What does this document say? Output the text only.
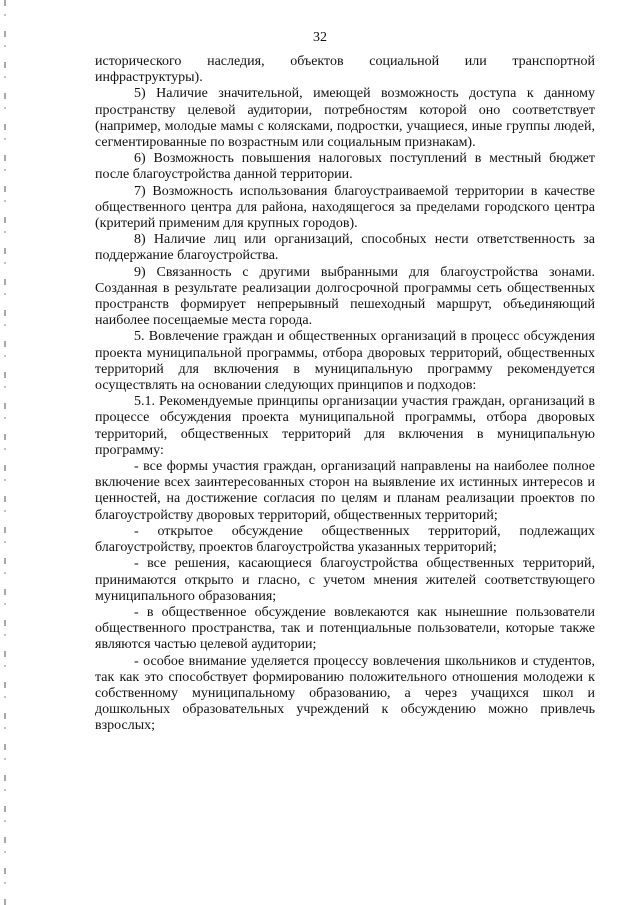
32

исторического наследия, объектов социальной или транспортной инфраструктуры).

5) Наличие значительной, имеющей возможность доступа к данному пространству целевой аудитории, потребностям которой оно соответствует (например, молодые мамы с колясками, подростки, учащиеся, иные группы людей, сегментированные по возрастным или социальным признакам).

6) Возможность повышения налоговых поступлений в местный бюджет после благоустройства данной территории.

7) Возможность использования благоустраиваемой территории в качестве общественного центра для района, находящегося за пределами городского центра (критерий применим для крупных городов).

8) Наличие лиц или организаций, способных нести ответственность за поддержание благоустройства.

9) Связанность с другими выбранными для благоустройства зонами. Созданная в результате реализации долгосрочной программы сеть общественных пространств формирует непрерывный пешеходный маршрут, объединяющий наиболее посещаемые места города.

5. Вовлечение граждан и общественных организаций в процесс обсуждения проекта муниципальной программы, отбора дворовых территорий, общественных территорий для включения в муниципальную программу рекомендуется осуществлять на основании следующих принципов и подходов:

5.1. Рекомендуемые принципы организации участия граждан, организаций в процессе обсуждения проекта муниципальной программы, отбора дворовых территорий, общественных территорий для включения в муниципальную программу:

- все формы участия граждан, организаций направлены на наиболее полное включение всех заинтересованных сторон на выявление их истинных интересов и ценностей, на достижение согласия по целям и планам реализации проектов по благоустройству дворовых территорий, общественных территорий;

- открытое обсуждение общественных территорий, подлежащих благоустройству, проектов благоустройства указанных территорий;

- все решения, касающиеся благоустройства общественных территорий, принимаются открыто и гласно, с учетом мнения жителей соответствующего муниципального образования;

- в общественное обсуждение вовлекаются как нынешние пользователи общественного пространства, так и потенциальные пользователи, которые также являются частью целевой аудитории;

- особое внимание уделяется процессу вовлечения школьников и студентов, так как это способствует формированию положительного отношения молодежи к собственному муниципальному образованию, а через учащихся школ и дошкольных образовательных учреждений к обсуждению можно привлечь взрослых;
